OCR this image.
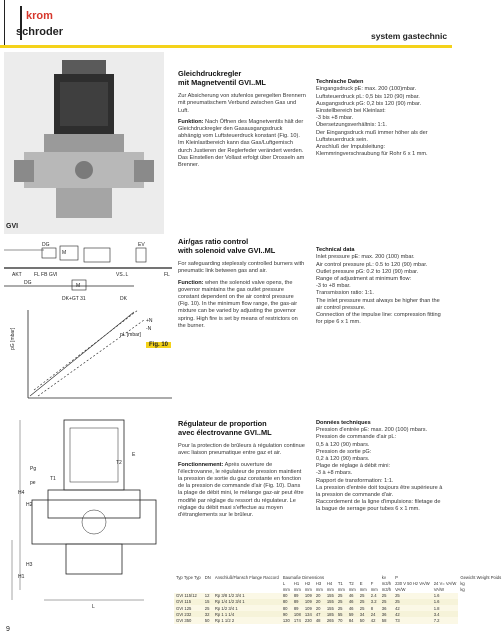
krom
schroder	system gastechnic
GVI
Gleichdruckregler
mit Magnetventil GVI..ML

Zur Absicherung von stufenlos geregelten Brennern mit pneumatischem Verbund zwischen Gas und Luft.

Funktion: Nach Öffnen des Magnetventils hält der Gleichdruckregler den Gasausgangsdruck abhängig vom Luftsteuerdruck konstant (Fig. 10). Im Kleinlastbereich kann das Gas/Luftgemisch durch Justieren der Reglerfeder verändert werden. Das Einstellen der Vollast erfolgt über Drosseln am Brenner.

Technische Daten
Eingangsdruck pE: max. 200 (100)mbar.
Luftsteuerdruck pL: 0,5 bis 120 (90) mbar.
Ausgangsdruck pG: 0,2 bis 120 (90) mbar.
Einstellbereich bei Kleinlast:
-3 bis +8 mbar.
Übersetzungsverhältnis: 1:1.
Der Eingangsdruck muß immer höher als der Luftsteuerdruck sein.
Anschluß der Impulsleitung: Klemmringverschraubung für Rohr 6 x 1 mm.
Air/gas ratio control
with solenoid valve GVI..ML

For safeguarding steplessly controlled burners with pneumatic link between gas and air.

Function: when the solenoid valve opens, the governor maintains the gas outlet pressure constant dependent on the air control pressure (Fig. 10). In the minimum flow range, the gas-air mixture can be varied by adjusting the governor spring. High fire is set by means of restrictors on the burner.

Technical data
Inlet pressure pE: max. 200 (100) mbar.
Air control pressure pL: 0.5 to 120 (90) mbar.
Outlet pressure pG: 0.2 to 120 (90) mbar.
Range of adjustment at minimum flow:
-3 to +8 mbar.
Transmission ratio: 1:1.
The inlet pressure must always be higher than the air control pressure.
Connection of the impulse line: compression fitting for pipe 6 x 1 mm.
Régulateur de proportion
avec électrovanne GVI..ML

Pour la protection de brûleurs à régulation continue avec liaison pneumatique entre gaz et air.

Fonctionnement: Après ouverture de l'électrovanne, le régulateur de pression maintient la pression de sortie du gaz constante en fonction de la pression de commande d'air (Fig. 10). Dans la plage de débit mini, le mélange gaz-air peut être modifié par réglage du ressort du régulateur. Le réglage du débit maxi s'effectue au moyen d'étranglements sur le brûleur.

Données techniques
Pression d'entrée pE: max. 200 (100) mbars.
Pression de commande d'air pL:
0,5 à 120 (90) mbars.
Pression de sortie pG:
0,2 à 120 (90) mbars.
Plage de réglage à débit mini:
-3 à +8 mbars.
Rapport de transformation: 1:1.
La pression d'entrée doit toujours être supérieure à la pression de commande d'air.
Raccordement de la ligne d'impulsions: filetage de la bague de serrage pour tubes 6 x 1 mm.
DG
M
EV
AKT FL FB GVI	VS..L	FL
DG	M
DK+GT 31	DK
pG [mbar]
+N
-N
pL [mbar]
Fig. 10
Pg
pe
T1
T2
E
H4
H2
H3
H1
L
Typ Type Typ	DN	Anschluß/Flansch Flange Raccord	Baumaße Dimensions									kv	P		Gewicht Weight Poids
			L	H1	H2	H3	H4	T1	T2	E	F	m3/h	230 V 50 Hz VA/W	24 V= VA/W	kg
			mm	mm	mm	mm	mm	mm	mm	mm	mm	m3/h	VA/W	VA/W	kg
GVI 115/12	12	Rp 3/8 1/2 3/4 1	80	89	109	20	155	25	46	25	2.4	25	25	1.6	
GVI 115	15	Rp 1/4 1/2 3/4 1	80	89	109	20	155	25	46	25	3.2	25	25	1.6	
GVI 125	25	Rp 1/2 3/4 1	80	89	109	20	155	25	46	25	8	36	42	1.8	
GVI 232	32	Rp 1 1 1/4	90	108	134	47	185	55	59	34	24	36	42	3.4	
GVI 350	50	Rp 1 1/2 2	130	174	230	48	265	70	84	50	42	58	73	7.2	
9
